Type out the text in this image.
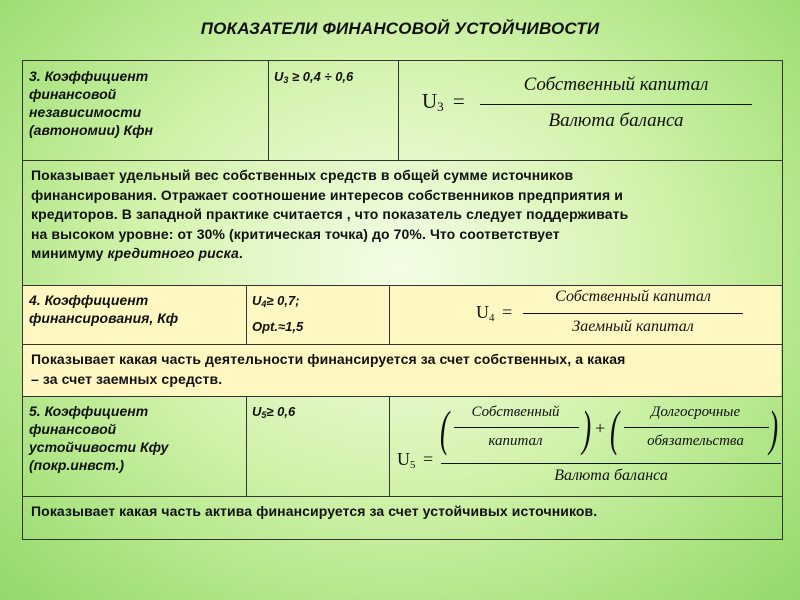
ПОКАЗАТЕЛИ ФИНАНСОВОЙ УСТОЙЧИВОСТИ
3. Коэффициент
финансовой
независимости
(автономии) Кфн
$U_3 \ge 0,4 \div 0,6$
U3 =
Собственный капитал
Валюта баланса
Показывает удельный вес собственных средств в общей сумме источников
финансирования. Отражает соотношение интересов собственников предприятия и
кредиторов. В западной практике считается , что показатель следует поддерживать
на высоком уровне: от 30% (критическая точка) до 70%. Что соответствует
минимуму кредитного риска.
4. Коэффициент
финансирования, Кф
$U_4\ge 0,7$;
Opt.≈1,5
U4 =
Собственный капитал
Заемный капитал
Показывает какая часть деятельности финансируется за счет собственных, а какая
– за счет заемных средств.
5. Коэффициент
финансовой
устойчивости Кфу
(покр.инвст.)
$U_5\ge 0,6$
U5 =
Валюта баланса
(	Собственный
капитал ) + (	Долгосрочные
обязательства )
Показывает какая часть актива финансируется за счет устойчивых источников.
